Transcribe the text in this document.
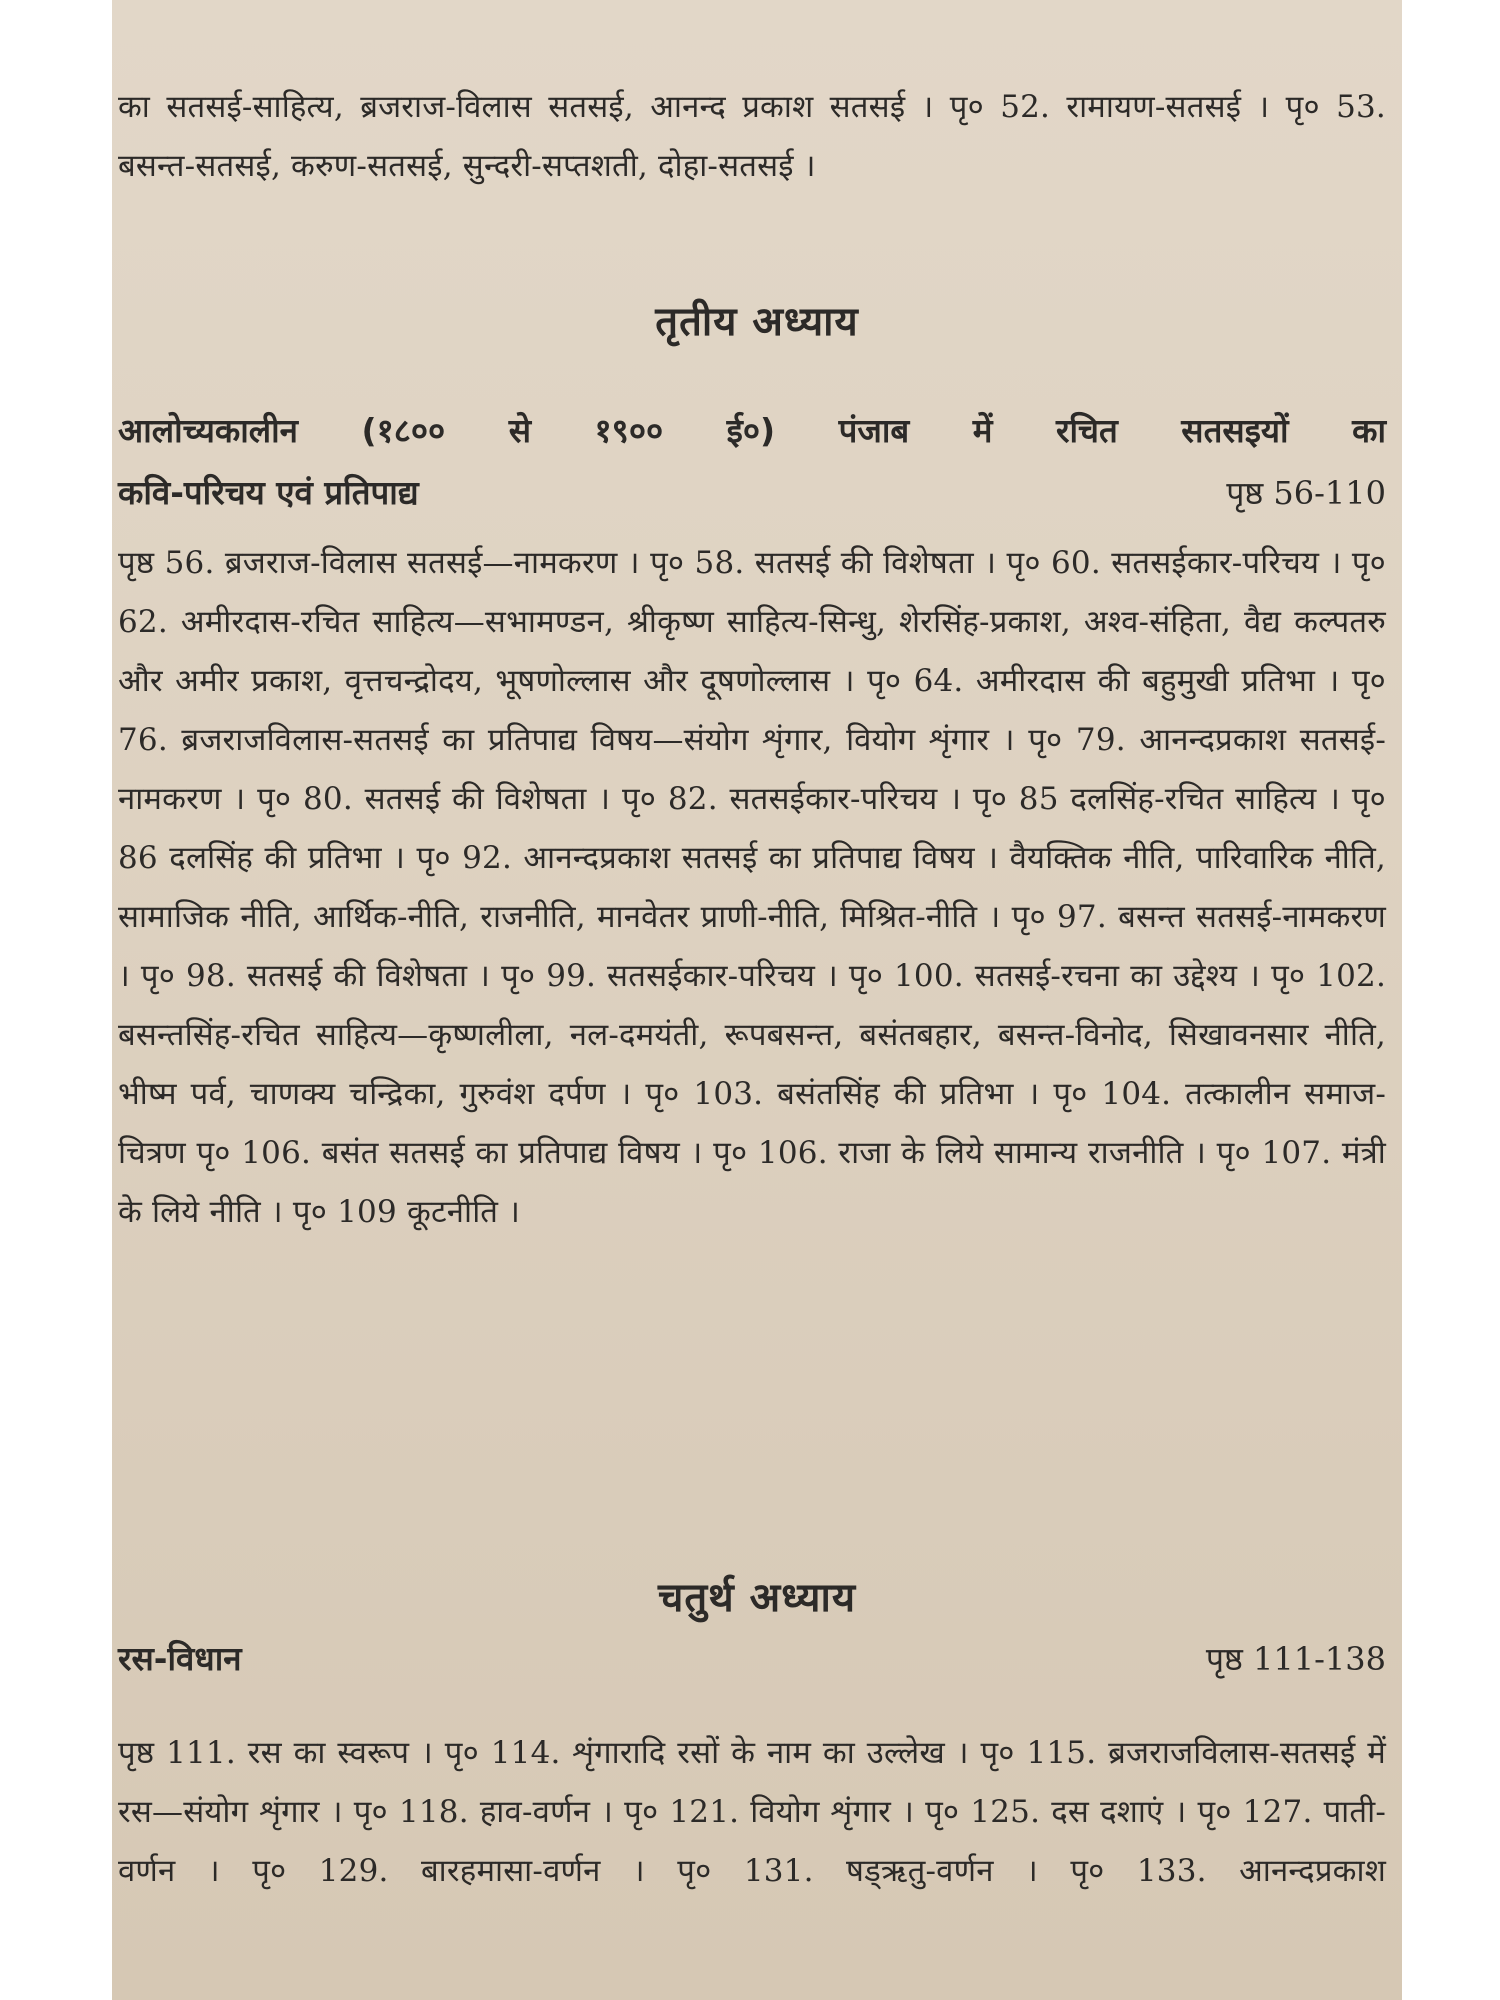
का सतसई-साहित्य, ब्रजराज-विलास सतसई, आनन्द प्रकाश सतसई । पृ० 52. रामायण-सतसई । पृ० 53. बसन्त-सतसई, करुण-सतसई, सुन्दरी-सप्तशती, दोहा-सतसई ।

तृतीय अध्याय
आलोच्यकालीन (१८०० से १९०० ई०) पंजाब में रचित सतसइयों का
कवि-परिचय एवं प्रतिपाद्य	पृष्ठ 56-110

पृष्ठ 56. ब्रजराज-विलास सतसई—नामकरण । पृ० 58. सतसई की विशेषता । पृ० 60. सतसईकार-परिचय । पृ० 62. अमीरदास-रचित साहित्य—सभामण्डन, श्रीकृष्ण साहित्य-सिन्धु, शेरसिंह-प्रकाश, अश्व-संहिता, वैद्य कल्पतरु और अमीर प्रकाश, वृत्तचन्द्रोदय, भूषणोल्लास और दूषणोल्लास । पृ० 64. अमीरदास की बहुमुखी प्रतिभा । पृ० 76. ब्रजराजविलास-सतसई का प्रतिपाद्य विषय—संयोग शृंगार, वियोग शृंगार । पृ० 79. आनन्दप्रकाश सतसई-नामकरण । पृ० 80. सतसई की विशेषता । पृ० 82. सतसईकार-परिचय । पृ० 85 दलसिंह-रचित साहित्य । पृ० 86 दलसिंह की प्रतिभा । पृ० 92. आनन्दप्रकाश सतसई का प्रतिपाद्य विषय । वैयक्तिक नीति, पारिवारिक नीति, सामाजिक नीति, आर्थिक-नीति, राजनीति, मानवेतर प्राणी-नीति, मिश्रित-नीति । पृ० 97. बसन्त सतसई-नामकरण । पृ० 98. सतसई की विशेषता । पृ० 99. सतसईकार-परिचय । पृ० 100. सतसई-रचना का उद्देश्य । पृ० 102. बसन्तसिंह-रचित साहित्य—कृष्णलीला, नल-दमयंती, रूपबसन्त, बसंतबहार, बसन्त-विनोद, सिखावनसार नीति, भीष्म पर्व, चाणक्य चन्द्रिका, गुरुवंश दर्पण । पृ० 103. बसंतसिंह की प्रतिभा । पृ० 104. तत्कालीन समाज-चित्रण पृ० 106. बसंत सतसई का प्रतिपाद्य विषय । पृ० 106. राजा के लिये सामान्य राजनीति । पृ० 107. मंत्री के लिये नीति । पृ० 109 कूटनीति ।

चतुर्थ अध्याय
रस-विधान	पृष्ठ 111-138

पृष्ठ 111. रस का स्वरूप । पृ० 114. शृंगारादि रसों के नाम का उल्लेख । पृ० 115. ब्रजराजविलास-सतसई में रस—संयोग शृंगार । पृ० 118. हाव-वर्णन । पृ० 121. वियोग शृंगार । पृ० 125. दस दशाएं । पृ० 127. पाती-वर्णन । पृ० 129. बारहमासा-वर्णन । पृ० 131. षड्ऋतु-वर्णन । पृ० 133. आनन्दप्रकाश
